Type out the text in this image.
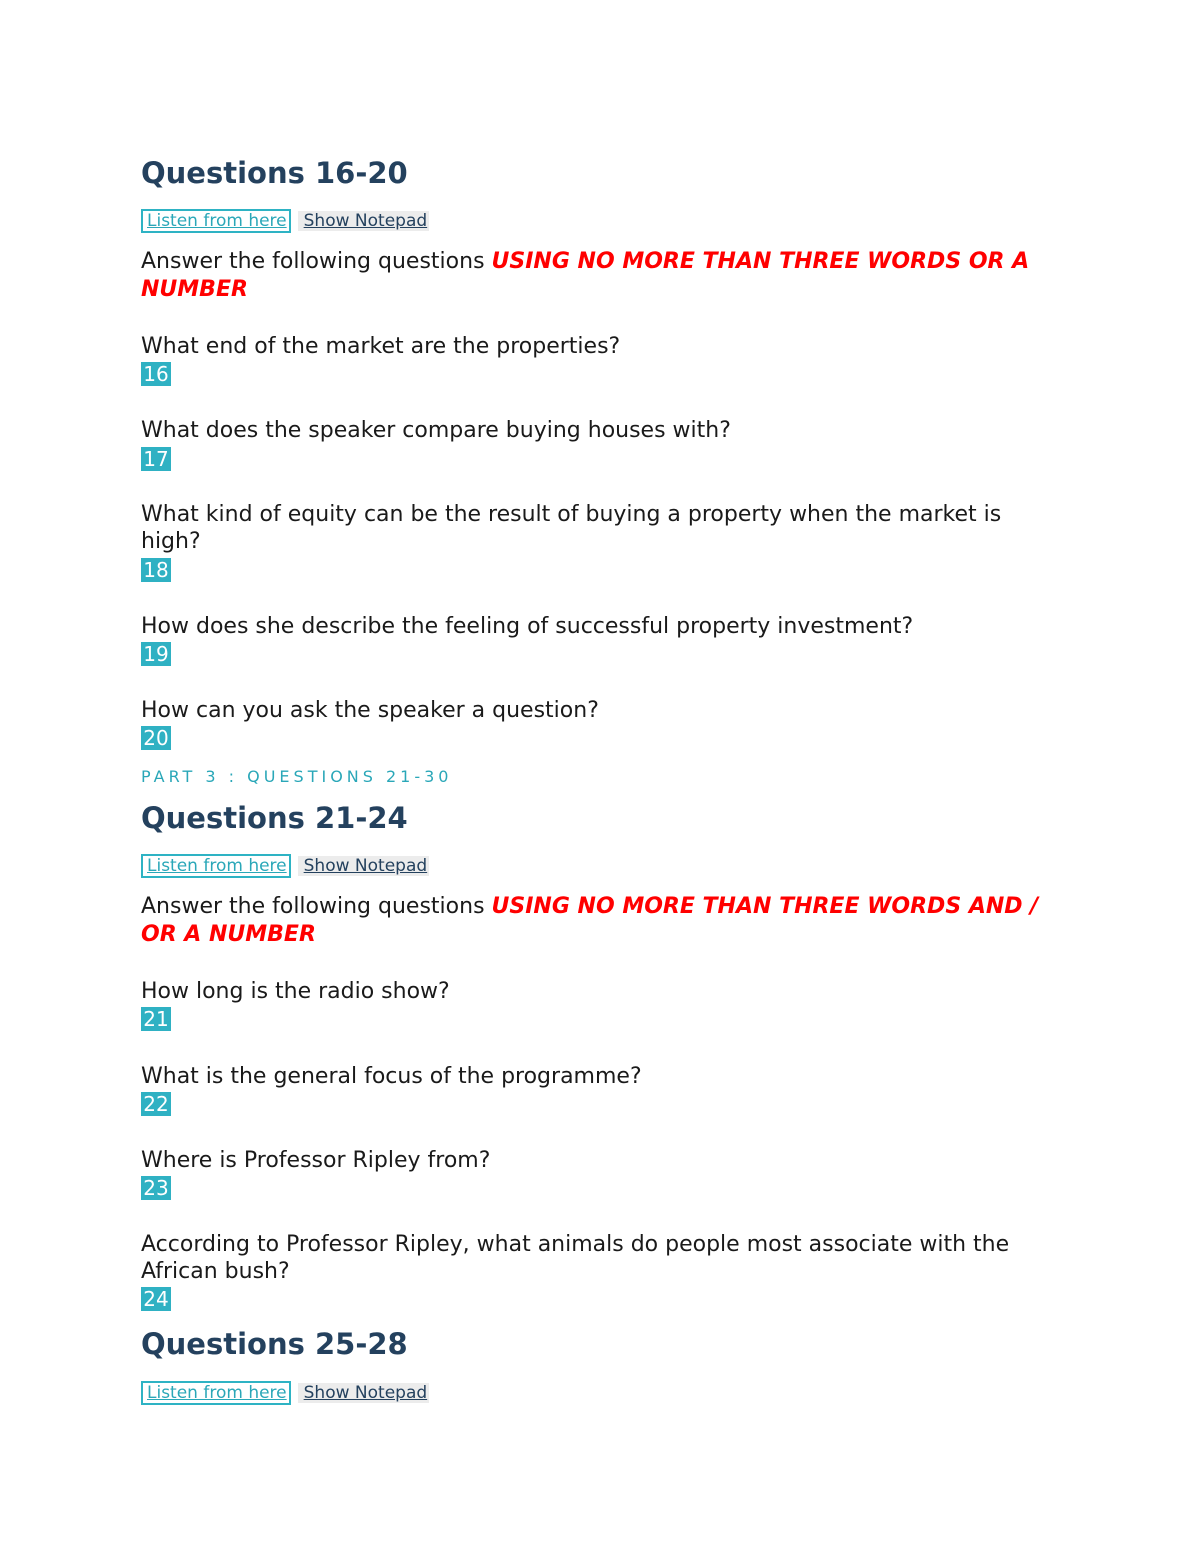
Questions 16-20
Listen from here Show Notepad

Answer the following questions USING NO MORE THAN THREE WORDS OR A NUMBER

What end of the market are the properties?

16

What does the speaker compare buying houses with?

17

What kind of equity can be the result of buying a property when the market is high?

18

How does she describe the feeling of successful property investment?

19

How can you ask the speaker a question?

20

PART 3 : QUESTIONS 21-30

Questions 21-24
Listen from here Show Notepad

Answer the following questions USING NO MORE THAN THREE WORDS AND / OR A NUMBER

How long is the radio show?

21

What is the general focus of the programme?

22

Where is Professor Ripley from?

23

According to Professor Ripley, what animals do people most associate with the African bush?

24
Questions 25-28
Listen from here Show Notepad
